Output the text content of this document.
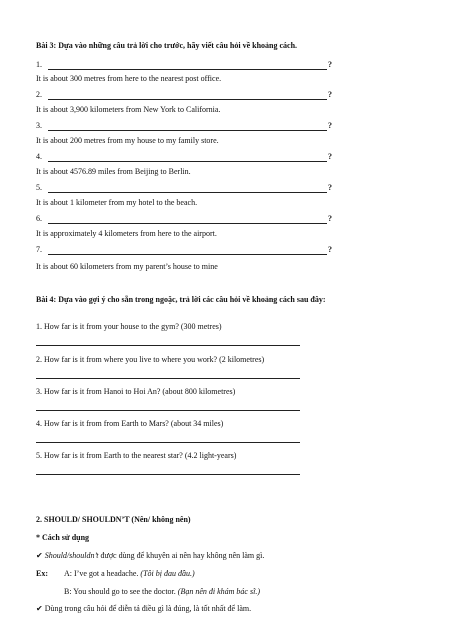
Bài 3: Dựa vào những câu trả lời cho trước, hãy viết câu hỏi về khoảng cách.
1.	?
It is about 300 metres from here to the nearest post office.
2.	?
It is about 3,900 kilometers from New York to California.
3.	?
It is about 200 metres from my house to my family store.
4.	?
It is about 4576.89 miles from Beijing to Berlin.
5.	?
It is about 1 kilometer from my hotel to the beach.
6.	?
It is approximately 4 kilometers from here to the airport.
7.	?
It is about 60 kilometers from my parent’s house to mine
Bài 4: Dựa vào gợi ý cho sẵn trong ngoặc, trả lời các câu hỏi về khoảng cách sau đây:
1. How far is it from your house to the gym? (300 metres)
2. How far is it from where you live to where you work? (2 kilometres)
3. How far is it from Hanoi to Hoi An? (about 800 kilometres)
4. How far is it from from Earth to Mars? (about 34 miles)
5. How far is it from Earth to the nearest star? (4.2 light-years)
2. SHOULD/ SHOULDN’T (Nên/ không nên)
* Cách sử dụng
✔ Should/shouldn’t được dùng để khuyên ai nên hay không nên làm gì.
Ex: A: I’ve got a headache. (Tôi bị đau đầu.)
B: You should go to see the doctor. (Bạn nên đi khám bác sĩ.)
✔ Dùng trong câu hỏi để diễn tả điều gì là đúng, là tốt nhất để làm.
